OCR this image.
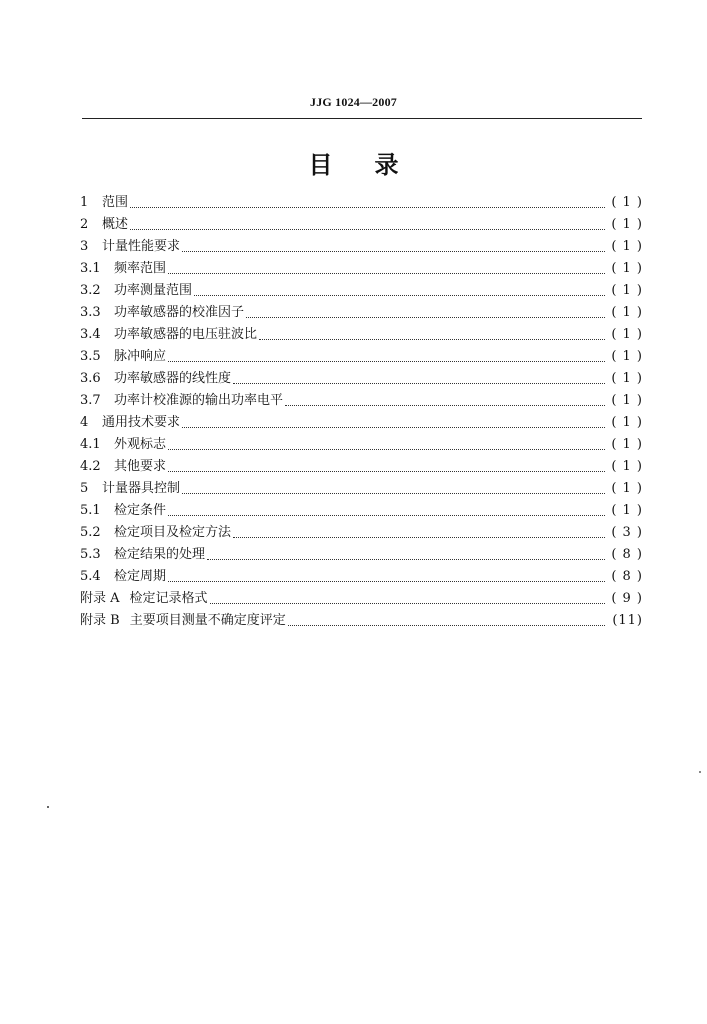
JJG 1024—2007
目 录
1	范围	( 1 )
2	概述	( 1 )
3	计量性能要求	( 1 )
3.1	频率范围	( 1 )
3.2	功率测量范围	( 1 )
3.3	功率敏感器的校准因子	( 1 )
3.4	功率敏感器的电压驻波比	( 1 )
3.5	脉冲响应	( 1 )
3.6	功率敏感器的线性度	( 1 )
3.7	功率计校准源的输出功率电平	( 1 )
4	通用技术要求	( 1 )
4.1	外观标志	( 1 )
4.2	其他要求	( 1 )
5	计量器具控制	( 1 )
5.1	检定条件	( 1 )
5.2	检定项目及检定方法	( 3 )
5.3	检定结果的处理	( 8 )
5.4	检定周期	( 8 )
附录 A 检定记录格式	( 9 )
附录 B 主要项目测量不确定度评定	(11)
